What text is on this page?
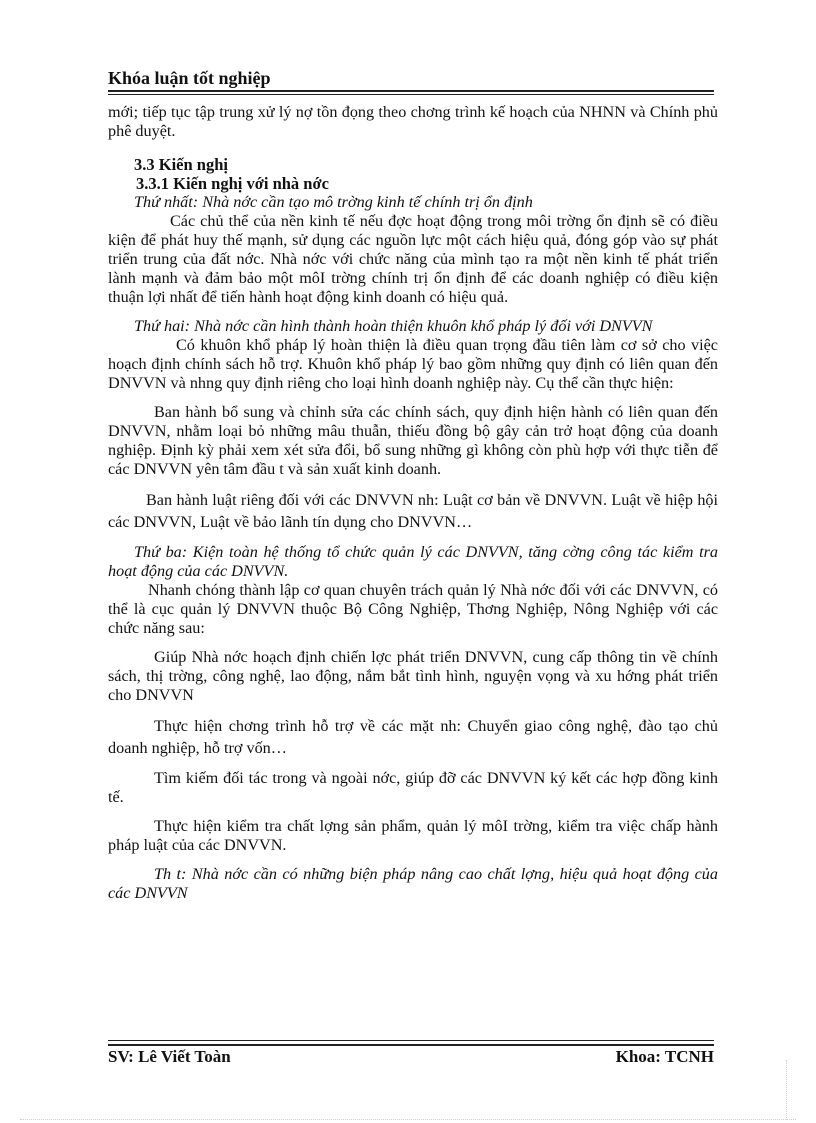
Khóa luận tốt nghiệp

mới; tiếp tục tập trung xử lý nợ tồn đọng theo chơng trình kế hoạch của NHNN và Chính phủ phê duyệt.

3.3 Kiến nghị

3.3.1 Kiến nghị với nhà nớc

Thứ nhất: Nhà nớc cần tạo mô trờng kinh tế chính trị ổn định

Các chủ thể của nền kinh tế nếu đợc hoạt động trong môi trờng ổn định sẽ có điều kiện để phát huy thế mạnh, sử dụng các nguồn lực một cách hiệu quả, đóng góp vào sự phát triển trung của đất nớc. Nhà nớc với chức năng của mình tạo ra một nền kinh tế phát triển lành mạnh và đảm bảo một môI trờng chính trị ổn định để các doanh nghiệp có điều kiện thuận lợi nhất để tiến hành hoạt động kinh doanh có hiệu quả.

Thứ hai: Nhà nớc cần hình thành hoàn thiện khuôn khổ pháp lý đối với DNVVN

Có khuôn khổ pháp lý hoàn thiện là điều quan trọng đầu tiên làm cơ sở cho việc hoạch định chính sách hỗ trợ. Khuôn khổ pháp lý bao gồm những quy định có liên quan đến DNVVN và nhng quy định riêng cho loại hình doanh nghiệp này. Cụ thể cần thực hiện:

Ban hành bổ sung và chỉnh sửa các chính sách, quy định hiện hành có liên quan đến DNVVN, nhằm loại bỏ những mâu thuẫn, thiếu đồng bộ gây cản trở hoạt động của doanh nghiệp. Định kỳ phải xem xét sửa đổi, bổ sung những gì không còn phù hợp với thực tiễn để các DNVVN yên tâm đầu t và sản xuất kinh doanh.

Ban hành luật riêng đối với các DNVVN nh: Luật cơ bản về DNVVN. Luật về hiệp hội các DNVVN, Luật về bảo lãnh tín dụng cho DNVVN…

Thứ ba: Kiện toàn hệ thống tổ chức quản lý các DNVVN, tăng cờng công tác kiểm tra hoạt động của các DNVVN.

Nhanh chóng thành lập cơ quan chuyên trách quản lý Nhà nớc đối với các DNVVN, có thể là cục quản lý DNVVN thuộc Bộ Công Nghiệp, Thơng Nghiệp, Nông Nghiệp với các chức năng sau:

Giúp Nhà nớc hoạch định chiến lợc phát triển DNVVN, cung cấp thông tin về chính sách, thị trờng, công nghệ, lao động, nắm bắt tình hình, nguyện vọng và xu hớng phát triển cho DNVVN

Thực hiện chơng trình hỗ trợ về các mặt nh: Chuyển giao công nghệ, đào tạo chủ doanh nghiệp, hỗ trợ vốn…

Tìm kiếm đối tác trong và ngoài nớc, giúp đỡ các DNVVN ký kết các hợp đồng kinh tế.

Thực hiện kiểm tra chất lợng sản phẩm, quản lý môI trờng, kiểm tra việc chấp hành pháp luật của các DNVVN.

Th t: Nhà nớc cần có những biện pháp nâng cao chất lợng, hiệu quả hoạt động của các DNVVN

SV: Lê Viết Toàn	Khoa: TCNH
